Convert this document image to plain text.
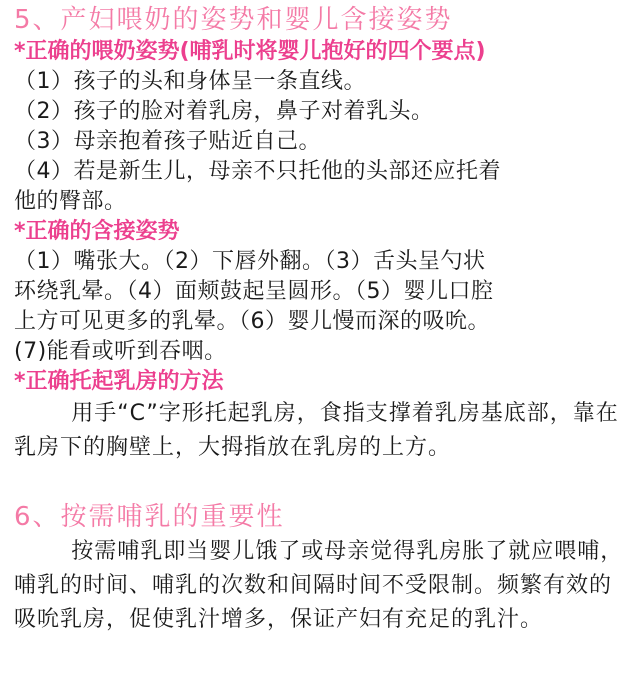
5、产妇喂奶的姿势和婴儿含接姿势
*正确的喂奶姿势(哺乳时将婴儿抱好的四个要点)

（1）孩子的头和身体呈一条直线。

（2）孩子的脸对着乳房，鼻子对着乳头。

（3）母亲抱着孩子贴近自己。

（4）若是新生儿，母亲不只托他的头部还应托着

他的臀部。

*正确的含接姿势

（1）嘴张大。（2）下唇外翻。（3）舌头呈勺状

环绕乳晕。（4）面颊鼓起呈圆形。（5）婴儿口腔

上方可见更多的乳晕。（6）婴儿慢而深的吸吮。

(7)能看或听到吞咽。

*正确托起乳房的方法

用手“C”字形托起乳房，食指支撑着乳房基底部，靠在乳房下的胸壁上，大拇指放在乳房的上方。

6、按需哺乳的重要性

按需哺乳即当婴儿饿了或母亲觉得乳房胀了就应喂哺，哺乳的时间、哺乳的次数和间隔时间不受限制。频繁有效的吸吮乳房，促使乳汁增多，保证产妇有充足的乳汁。
